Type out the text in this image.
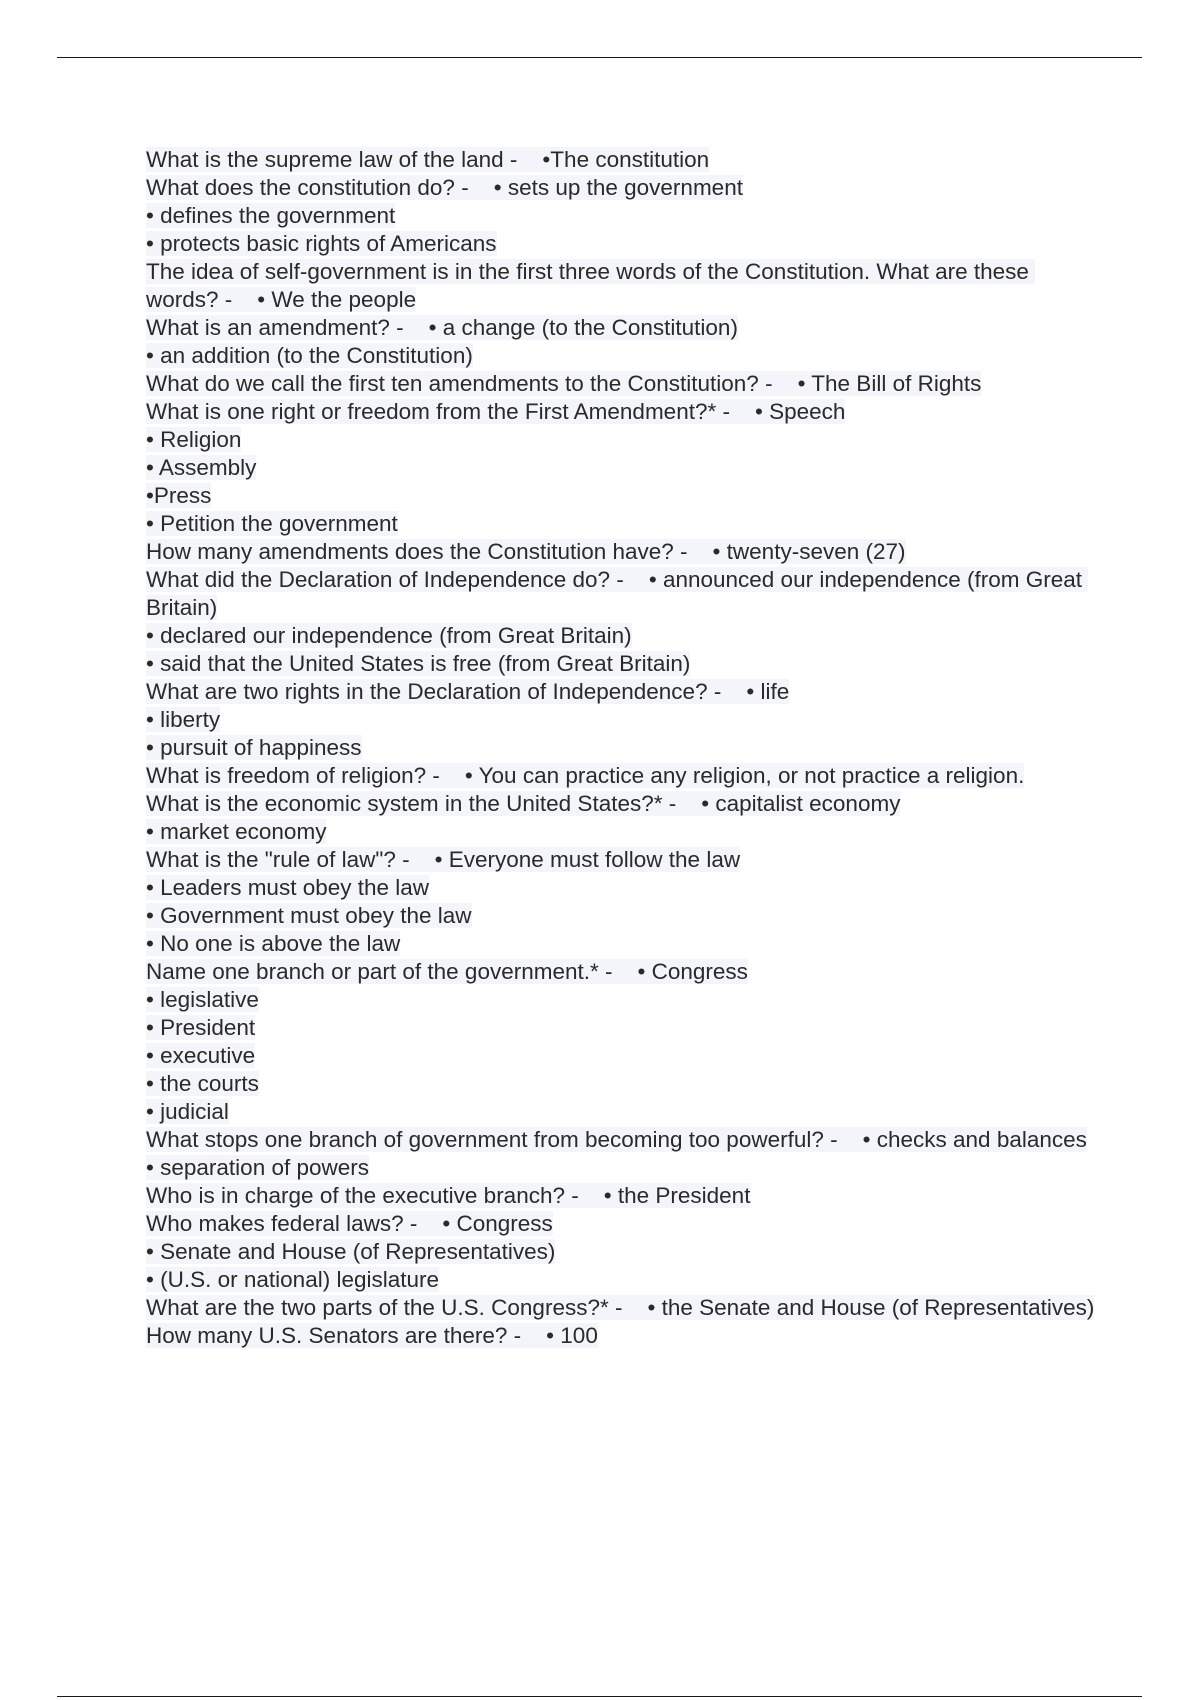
What is the supreme law of the land -    •The constitution

What does the constitution do? -    • sets up the government

• defines the government

• protects basic rights of Americans

The idea of self-government is in the first three words of the Constitution. What are these words? -    • We the people

What is an amendment? -    • a change (to the Constitution)

• an addition (to the Constitution)

What do we call the first ten amendments to the Constitution? -    • The Bill of Rights

What is one right or freedom from the First Amendment?* -    • Speech

• Religion

• Assembly

•Press

• Petition the government

How many amendments does the Constitution have? -    • twenty-seven (27)

What did the Declaration of Independence do? -    • announced our independence (from Great Britain)

• declared our independence (from Great Britain)

• said that the United States is free (from Great Britain)

What are two rights in the Declaration of Independence? -    • life

• liberty

• pursuit of happiness

What is freedom of religion? -    • You can practice any religion, or not practice a religion.

What is the economic system in the United States?* -    • capitalist economy

• market economy

What is the "rule of law"? -    • Everyone must follow the law

• Leaders must obey the law

• Government must obey the law

• No one is above the law

Name one branch or part of the government.* -    • Congress

• legislative

• President

• executive

• the courts

• judicial

What stops one branch of government from becoming too powerful? -    • checks and balances

• separation of powers

Who is in charge of the executive branch? -    • the President

Who makes federal laws? -    • Congress

• Senate and House (of Representatives)

• (U.S. or national) legislature

What are the two parts of the U.S. Congress?* -    • the Senate and House (of Representatives)

How many U.S. Senators are there? -    • 100
